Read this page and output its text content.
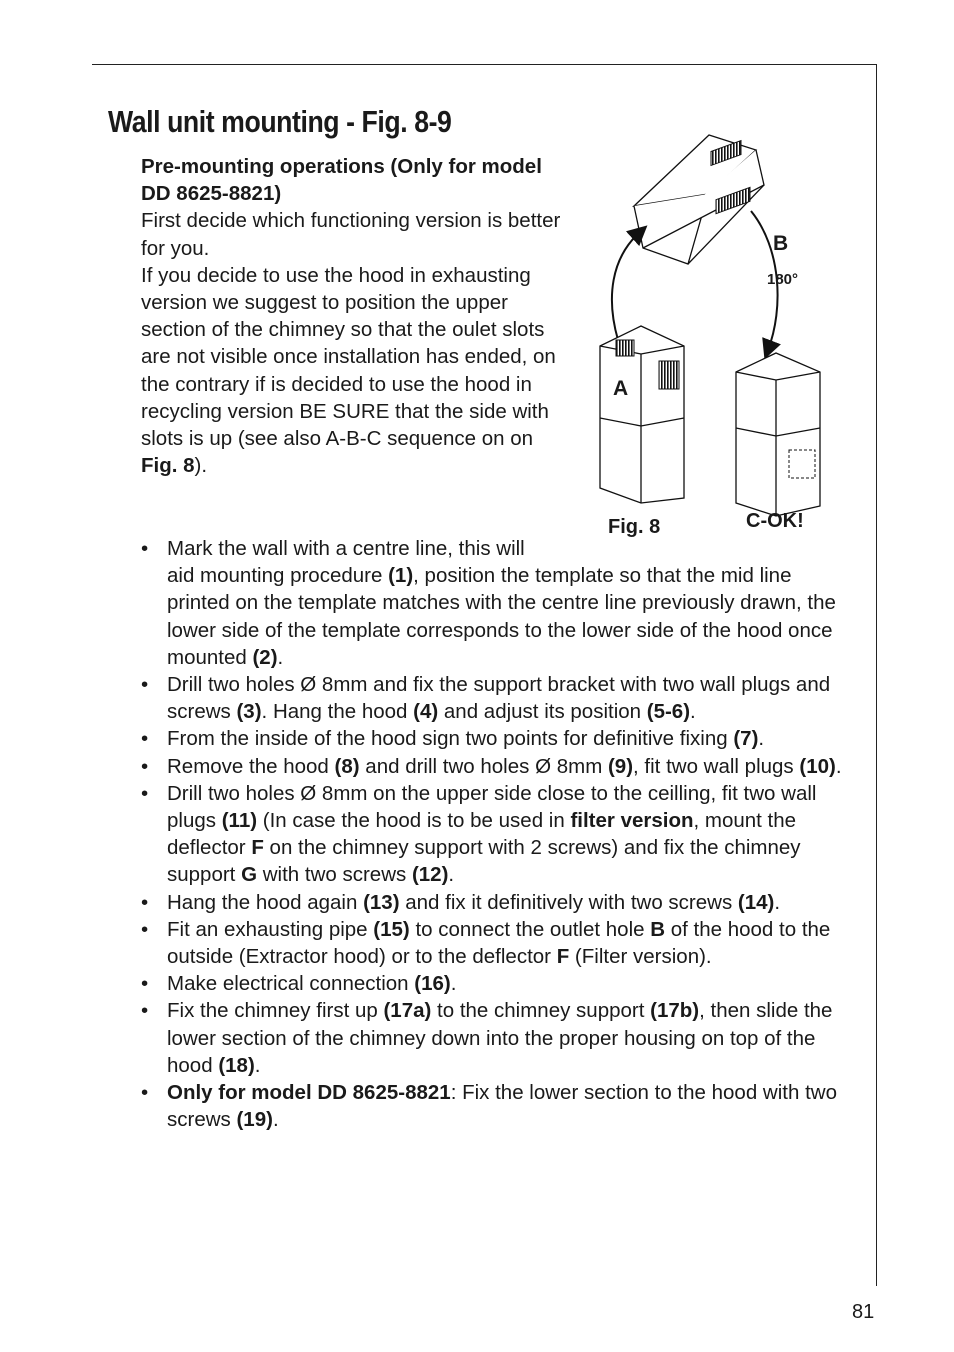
Wall unit mounting - Fig. 8-9

Pre-mounting operations (Only for model DD 8625-8821)

First decide which functioning version is better for you.

If you decide to use the hood in exhausting version we suggest to position the upper section of the chimney so that the oulet slots are not visible once installation has ended, on the contrary if is decided to use the hood in recycling version BE SURE that the side with slots is up (see also A-B-C sequence on on Fig. 8).

A
B
180°
Fig. 8	C-OK!
• Mark the wall with a centre line, this will
aid mounting procedure (1), position the template so that the mid line printed on the template matches with the centre line previously drawn, the lower side of the template corresponds to the lower side of the hood once mounted (2).
• Drill two holes Ø 8mm and fix the support bracket with two wall plugs and screws (3). Hang the hood (4) and adjust its position (5-6).
• From the inside of the hood sign two points for definitive fixing (7).
• Remove the hood (8) and drill two holes Ø 8mm (9), fit two wall plugs (10).
• Drill two holes Ø 8mm on the upper side close to the ceilling, fit two wall plugs (11) (In case the hood is to be used in filter version, mount the deflector F on the chimney support with 2 screws) and fix the chimney support G with two screws (12).
• Hang the hood again (13) and fix it definitively with two screws (14).
• Fit an exhausting pipe (15) to connect the outlet hole B of the hood to the outside (Extractor hood) or to the deflector F (Filter version).
• Make electrical connection (16).
• Fix the chimney first up (17a) to the chimney support (17b), then slide the lower section of the chimney down into the proper housing on top of the hood (18).
• Only for model DD 8625-8821: Fix the lower section to the hood with two screws (19).
81
